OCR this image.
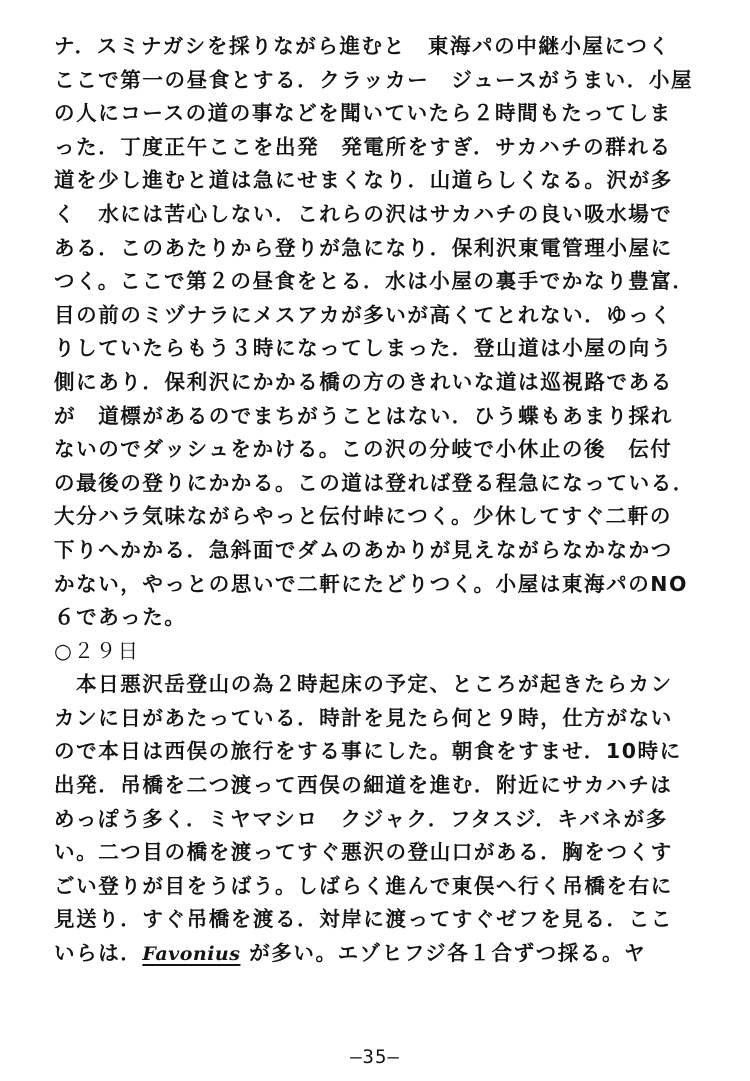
ナ．スミナガシを採りながら進むと　東海パの中継小屋につく
ここで第一の昼食とする．クラッカー　ジュースがうまい．小屋
の人にコースの道の事などを聞いていたら２時間もたってしま
った．丁度正午ここを出発　発電所をすぎ．サカハチの群れる
道を少し進むと道は急にせまくなり．山道らしくなる。沢が多
く　水には苦心しない．これらの沢はサカハチの良い吸水場で
ある．このあたりから登りが急になり．保利沢東電管理小屋に
つく。ここで第２の昼食をとる．水は小屋の裏手でかなり豊富．
目の前のミヅナラにメスアカが多いが高くてとれない．ゆっく
りしていたらもう３時になってしまった．登山道は小屋の向う
側にあり．保利沢にかかる橋の方のきれいな道は巡視路である
が　道標があるのでまちがうことはない．ひう蝶もあまり採れ
ないのでダッシュをかける。この沢の分岐で小休止の後　伝付
の最後の登りにかかる。この道は登れば登る程急になっている．
大分ハラ気味ながらやっと伝付峠につく。少休してすぐ二軒の
下りへかかる．急斜面でダムのあかりが見えながらなかなかつ
かない，やっとの思いで二軒にたどりつく。小屋は東海パのNO
６であった。
○２９日
本日悪沢岳登山の為２時起床の予定、ところが起きたらカン
カンに日があたっている．時計を見たら何と９時，仕方がない
ので本日は西俣の旅行をする事にした。朝食をすませ．10時に
出発．吊橋を二つ渡って西俣の細道を進む．附近にサカハチは
めっぽう多く．ミヤマシロ　クジャク．フタスジ．キバネが多
い。二つ目の橋を渡ってすぐ悪沢の登山口がある．胸をつくす
ごい登りが目をうばう。しばらく進んで東俣へ行く吊橋を右に
見送り．すぐ吊橋を渡る．対岸に渡ってすぐゼフを見る．ここ
いらは．Favonius が多い。エゾヒフジ各１合ずつ採る。ヤ
‒35‒
